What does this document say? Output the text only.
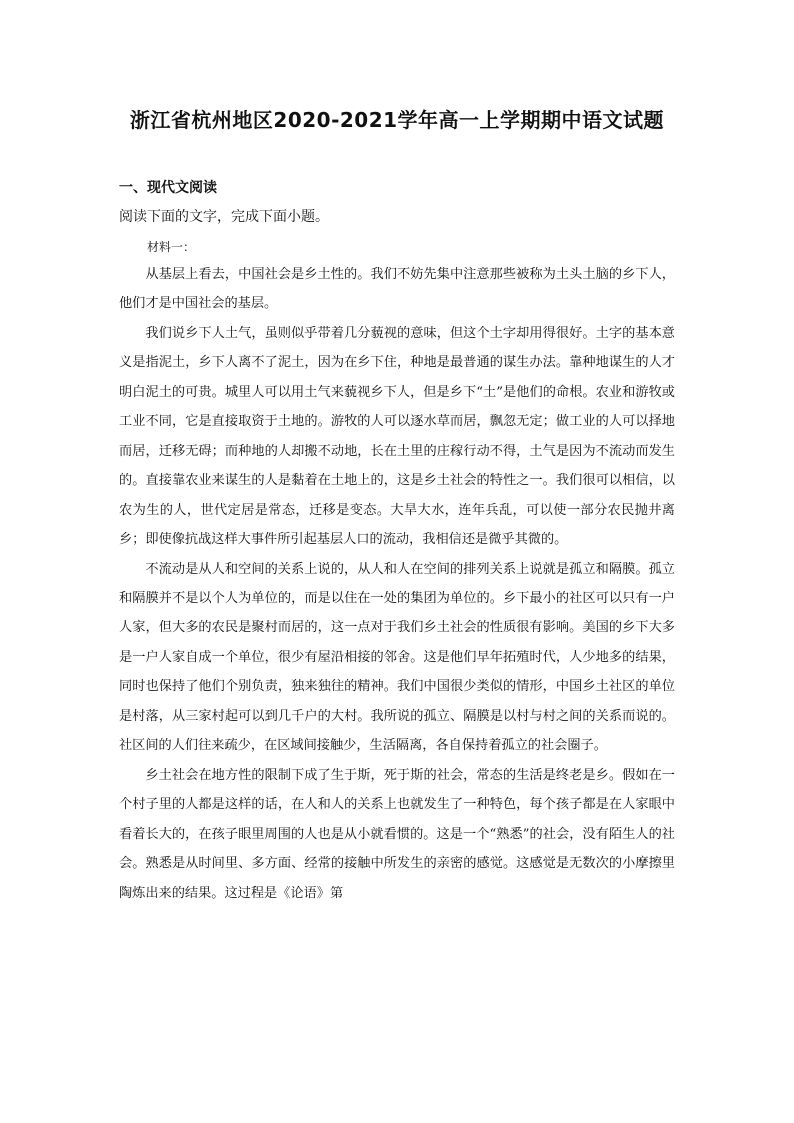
浙江省杭州地区2020-2021学年高一上学期期中语文试题
一、现代文阅读
阅读下面的文字，完成下面小题。
材料一：

从基层上看去，中国社会是乡土性的。我们不妨先集中注意那些被称为土头土脑的乡下人，他们才是中国社会的基层。

我们说乡下人土气，虽则似乎带着几分藐视的意味，但这个土字却用得很好。土字的基本意义是指泥土，乡下人离不了泥土，因为在乡下住，种地是最普通的谋生办法。靠种地谋生的人才明白泥土的可贵。城里人可以用土气来藐视乡下人，但是乡下“土”是他们的命根。农业和游牧或工业不同，它是直接取资于土地的。游牧的人可以逐水草而居，飘忽无定；做工业的人可以择地而居，迁移无碍；而种地的人却搬不动地，长在土里的庄稼行动不得，土气是因为不流动而发生的。直接靠农业来谋生的人是黏着在土地上的，这是乡土社会的特性之一。我们很可以相信，以农为生的人，世代定居是常态，迁移是变态。大旱大水，连年兵乱，可以使一部分农民抛井离乡；即使像抗战这样大事件所引起基层人口的流动，我相信还是微乎其微的。

不流动是从人和空间的关系上说的，从人和人在空间的排列关系上说就是孤立和隔膜。孤立和隔膜并不是以个人为单位的，而是以住在一处的集团为单位的。乡下最小的社区可以只有一户人家，但大多的农民是聚村而居的，这一点对于我们乡土社会的性质很有影响。美国的乡下大多是一户人家自成一个单位，很少有屋沿相接的邻舍。这是他们早年拓殖时代，人少地多的结果，同时也保持了他们个别负责，独来独往的精神。我们中国很少类似的情形，中国乡土社区的单位是村落，从三家村起可以到几千户的大村。我所说的孤立、隔膜是以村与村之间的关系而说的。社区间的人们往来疏少，在区域间接触少，生活隔离，各自保持着孤立的社会圈子。

乡土社会在地方性的限制下成了生于斯，死于斯的社会，常态的生活是终老是乡。假如在一个村子里的人都是这样的话，在人和人的关系上也就发生了一种特色，每个孩子都是在人家眼中看着长大的，在孩子眼里周围的人也是从小就看惯的。这是一个“熟悉”的社会，没有陌生人的社会。熟悉是从时间里、多方面、经常的接触中所发生的亲密的感觉。这感觉是无数次的小摩擦里陶炼出来的结果。这过程是《论语》第
